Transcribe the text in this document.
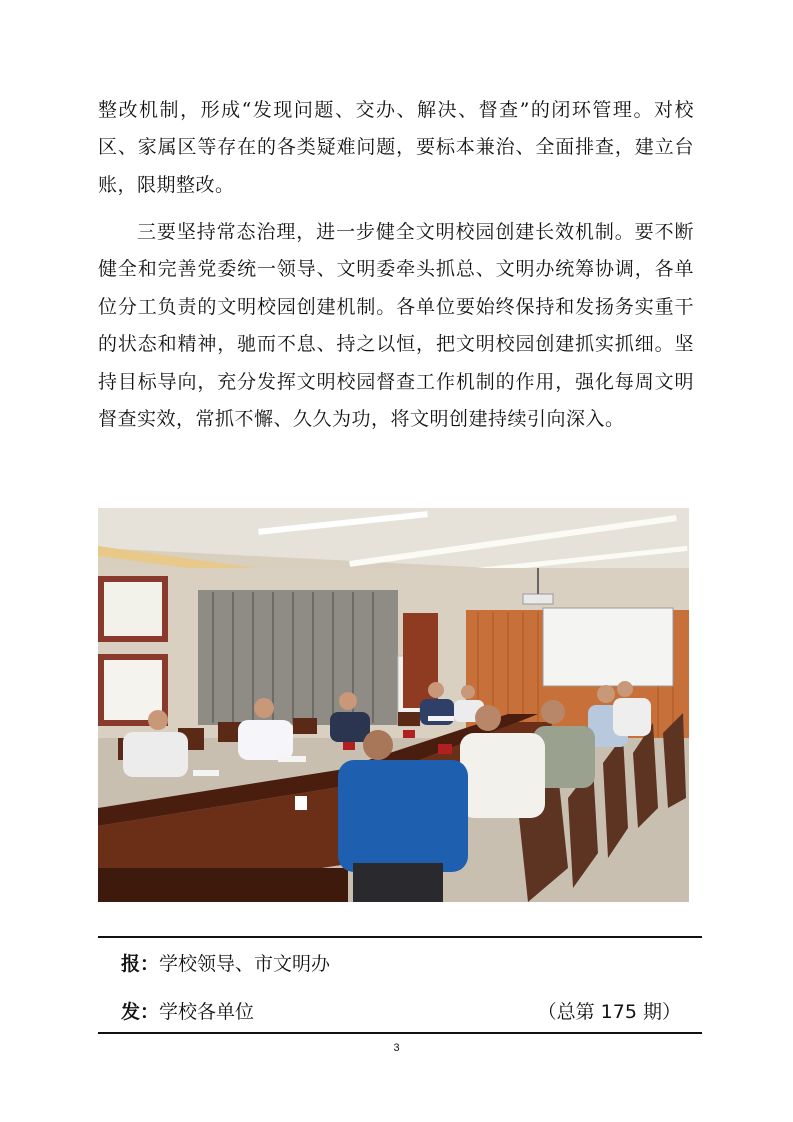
整改机制，形成“发现问题、交办、解决、督查”的闭环管理。对校区、家属区等存在的各类疑难问题，要标本兼治、全面排查，建立台账，限期整改。

三要坚持常态治理，进一步健全文明校园创建长效机制。要不断健全和完善党委统一领导、文明委牵头抓总、文明办统筹协调，各单位分工负责的文明校园创建机制。各单位要始终保持和发扬务实重干的状态和精神，驰而不息、持之以恒，把文明校园创建抓实抓细。坚持目标导向，充分发挥文明校园督查工作机制的作用，强化每周文明督查实效，常抓不懈、久久为功，将文明创建持续引向深入。

报：学校领导、市文明办
发：学校各单位	（总第 175 期）
3
